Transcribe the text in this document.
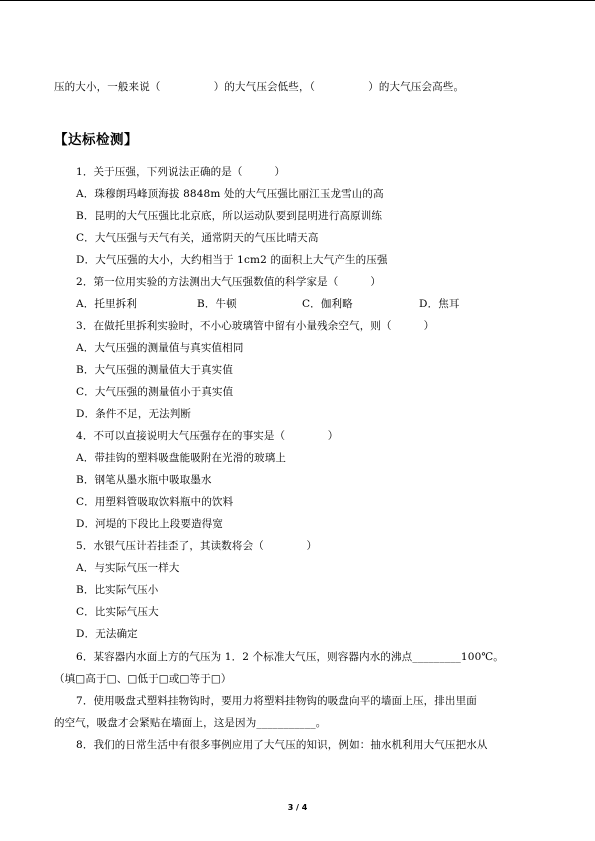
压的大小，一般来说（　　　　　）的大气压会低些，（　　　　　）的大气压会高些。
【达标检测】
1．关于压强，下列说法正确的是（　　　）
A．珠穆朗玛峰顶海拔 8848m 处的大气压强比丽江玉龙雪山的高
B．昆明的大气压强比北京底，所以运动队要到昆明进行高原训练
C．大气压强与天气有关，通常阴天的气压比晴天高
D．大气压强的大小，大约相当于 1cm2 的面积上大气产生的压强
2．第一位用实验的方法测出大气压强数值的科学家是（　　　）
A．托里拆利	B．牛顿	C．伽利略	D．焦耳
3．在做托里拆利实验时，不小心玻璃管中留有小量残余空气，则（　　　）
A．大气压强的测量值与真实值相同
B．大气压强的测量值大于真实值
C．大气压强的测量值小于真实值
D．条件不足，无法判断
4．不可以直接说明大气压强存在的事实是（　　　　）
A．带挂钩的塑料吸盘能吸附在光滑的玻璃上
B．钢笔从墨水瓶中吸取墨水
C．用塑料管吸取饮料瓶中的饮料
D．河堤的下段比上段要造得宽
5．水银气压计若挂歪了，其读数将会（　　　　）
A．与实际气压一样大
B．比实际气压小
C．比实际气压大
D．无法确定
6．某容器内水面上方的气压为 1．2 个标准大气压，则容器内水的沸点_________100℃。
（填□高于□、□低于□或□等于□）
7．使用吸盘式塑料挂物钩时，要用力将塑料挂物钩的吸盘向平的墙面上压，排出里面
的空气，吸盘才会紧贴在墙面上，这是因为___________。
8．我们的日常生活中有很多事例应用了大气压的知识，例如：抽水机利用大气压把水从
3 / 4
